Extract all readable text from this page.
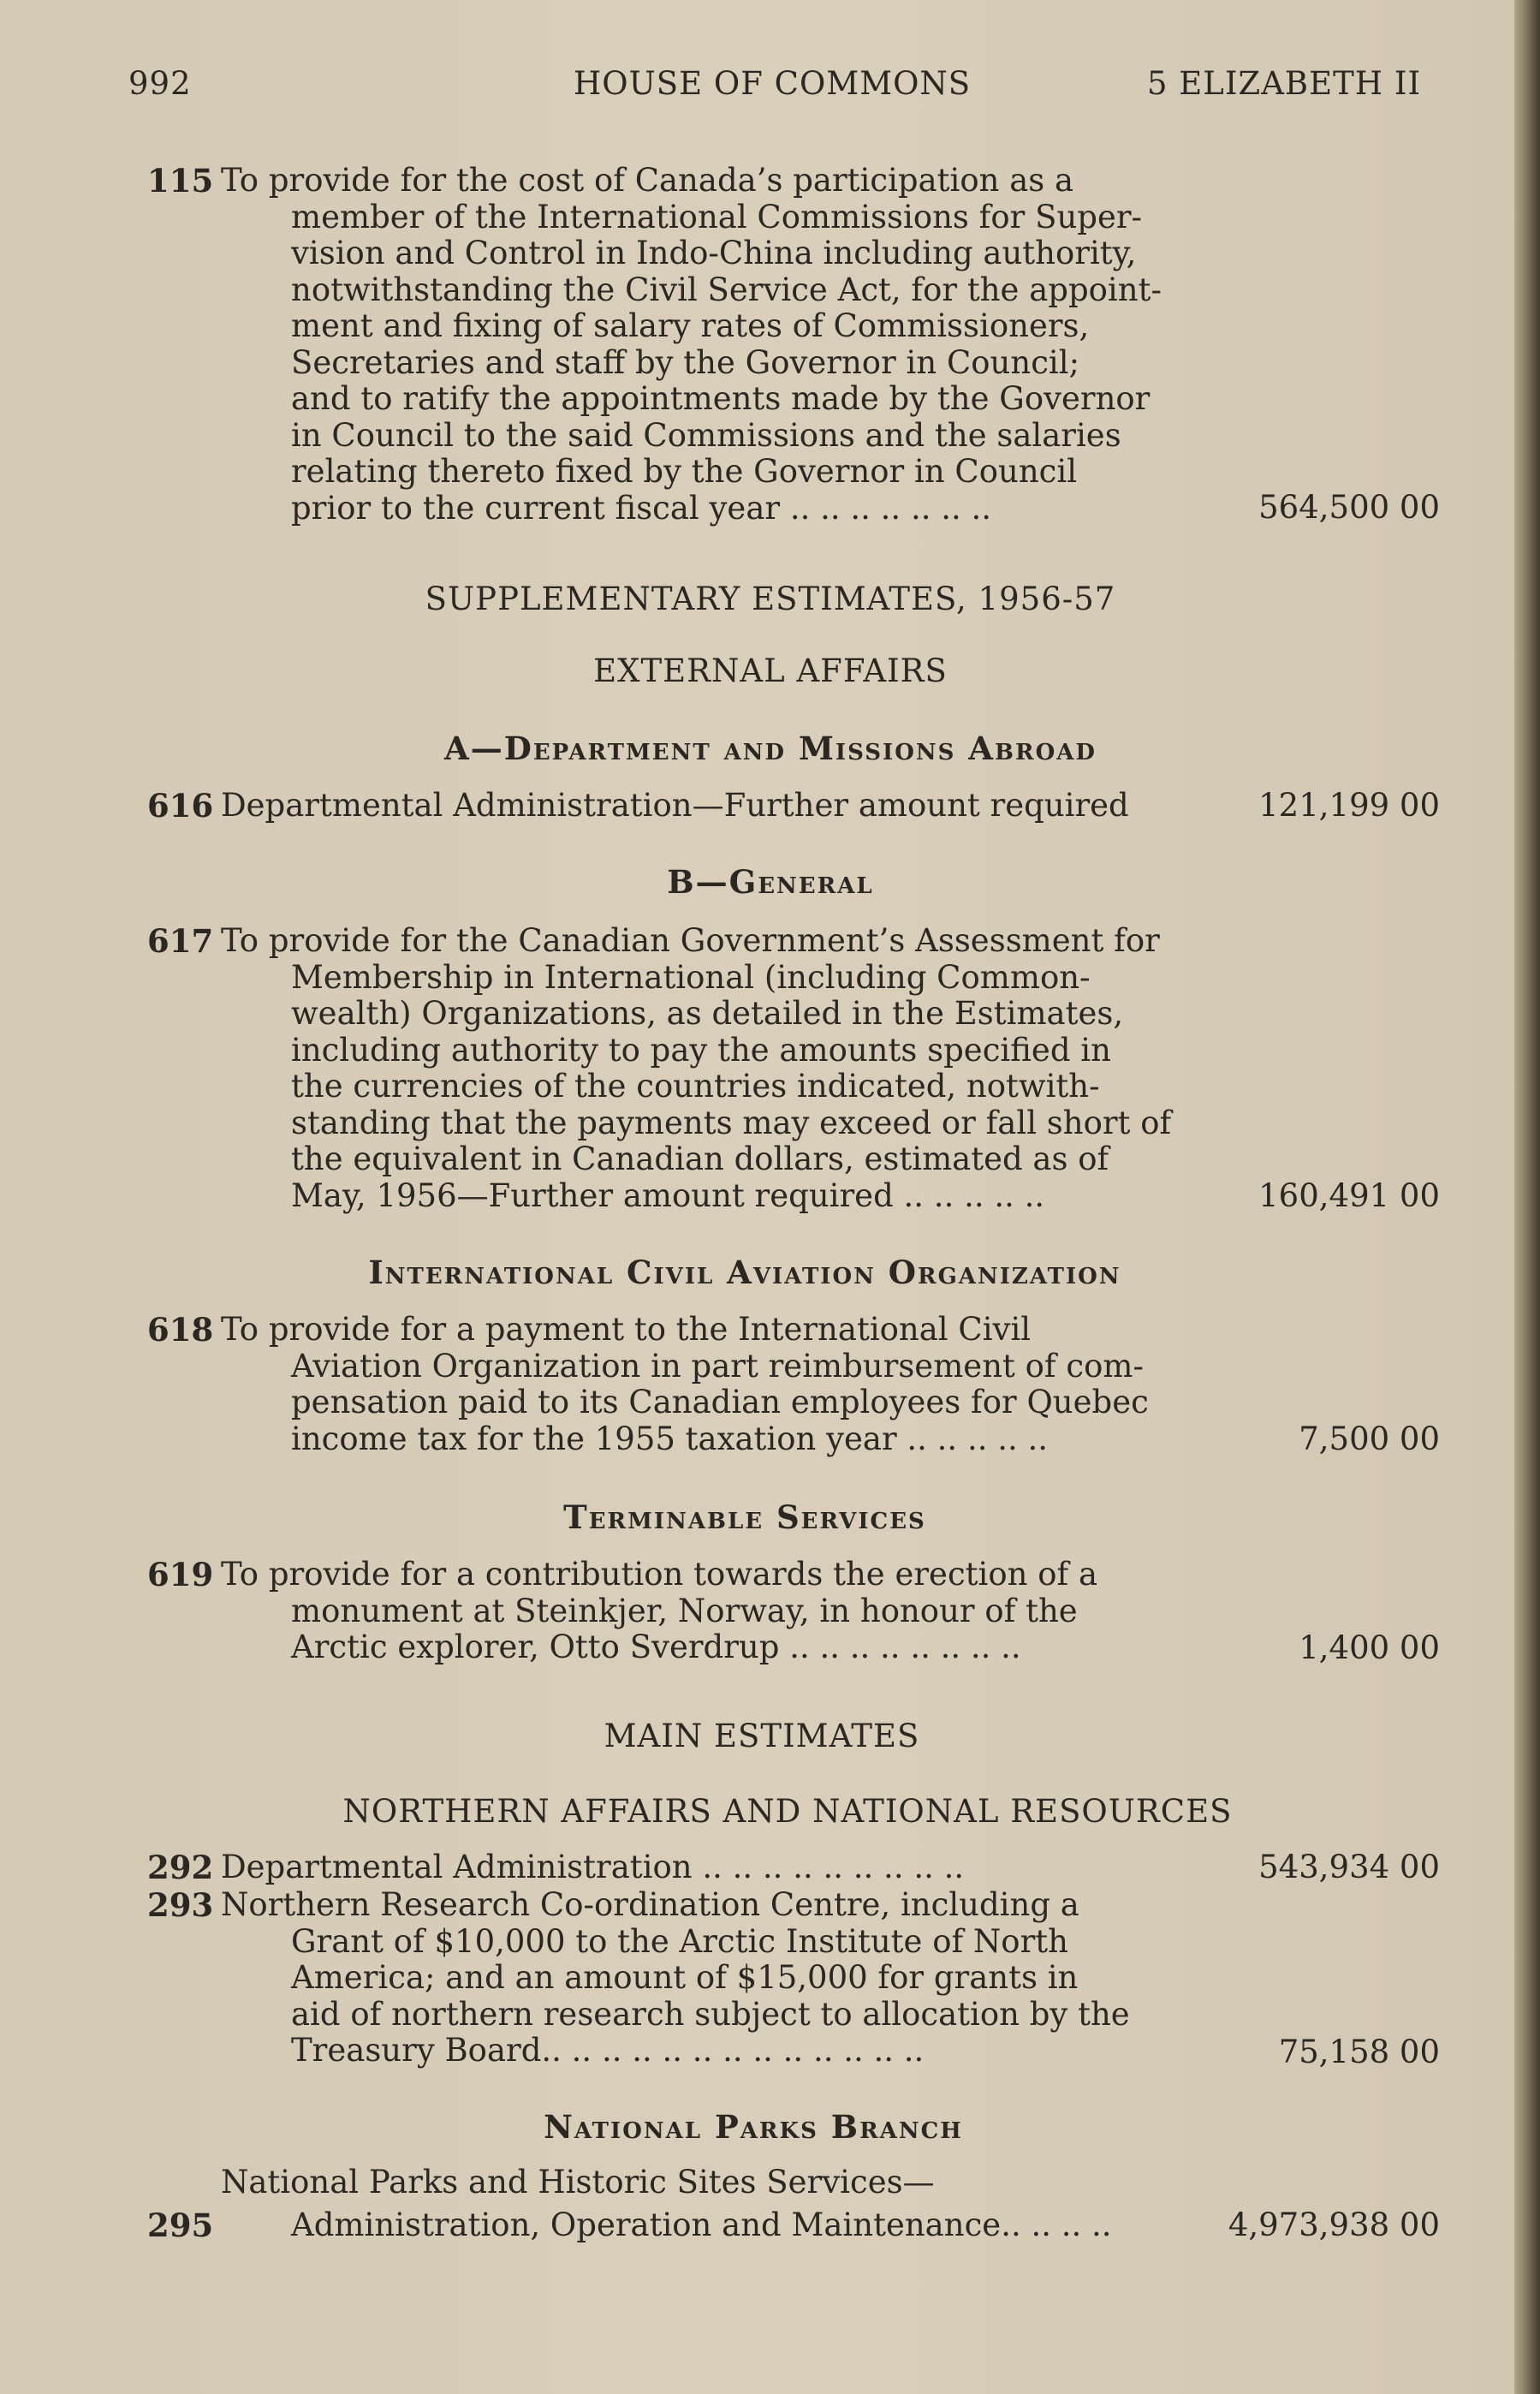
992	HOUSE OF COMMONS	5 ELIZABETH II
115 To provide for the cost of Canada’s participation as a
member of the International Commissions for Super-
vision and Control in Indo-China including authority,
notwithstanding the Civil Service Act, for the appoint-
ment and fixing of salary rates of Commissioners,
Secretaries and staff by the Governor in Council;
and to ratify the appointments made by the Governor
in Council to the said Commissions and the salaries
relating thereto fixed by the Governor in Council
prior to the current fiscal year .. .. .. .. .. .. ..	564,500 00
SUPPLEMENTARY ESTIMATES, 1956-57
EXTERNAL AFFAIRS
A—Department and Missions Abroad
616 Departmental Administration—Further amount required	121,199 00
B—General
617 To provide for the Canadian Government’s Assessment for
Membership in International (including Common-
wealth) Organizations, as detailed in the Estimates,
including authority to pay the amounts specified in
the currencies of the countries indicated, notwith-
standing that the payments may exceed or fall short of
the equivalent in Canadian dollars, estimated as of
May, 1956—Further amount required .. .. .. .. ..	160,491 00
International Civil Aviation Organization
618 To provide for a payment to the International Civil
Aviation Organization in part reimbursement of com-
pensation paid to its Canadian employees for Quebec
income tax for the 1955 taxation year .. .. .. .. ..	7,500 00
Terminable Services
619 To provide for a contribution towards the erection of a
monument at Steinkjer, Norway, in honour of the
Arctic explorer, Otto Sverdrup .. .. .. .. .. .. .. ..	1,400 00
MAIN ESTIMATES
NORTHERN AFFAIRS AND NATIONAL RESOURCES
292 Departmental Administration .. .. .. .. .. .. .. .. ..	543,934 00
293 Northern Research Co-ordination Centre, including a
Grant of $10,000 to the Arctic Institute of North
America; and an amount of $15,000 for grants in
aid of northern research subject to allocation by the
Treasury Board.. .. .. .. .. .. .. .. .. .. .. .. ..	75,158 00
National Parks Branch
National Parks and Historic Sites Services—
295	Administration, Operation and Maintenance.. .. .. ..	4,973,938 00
